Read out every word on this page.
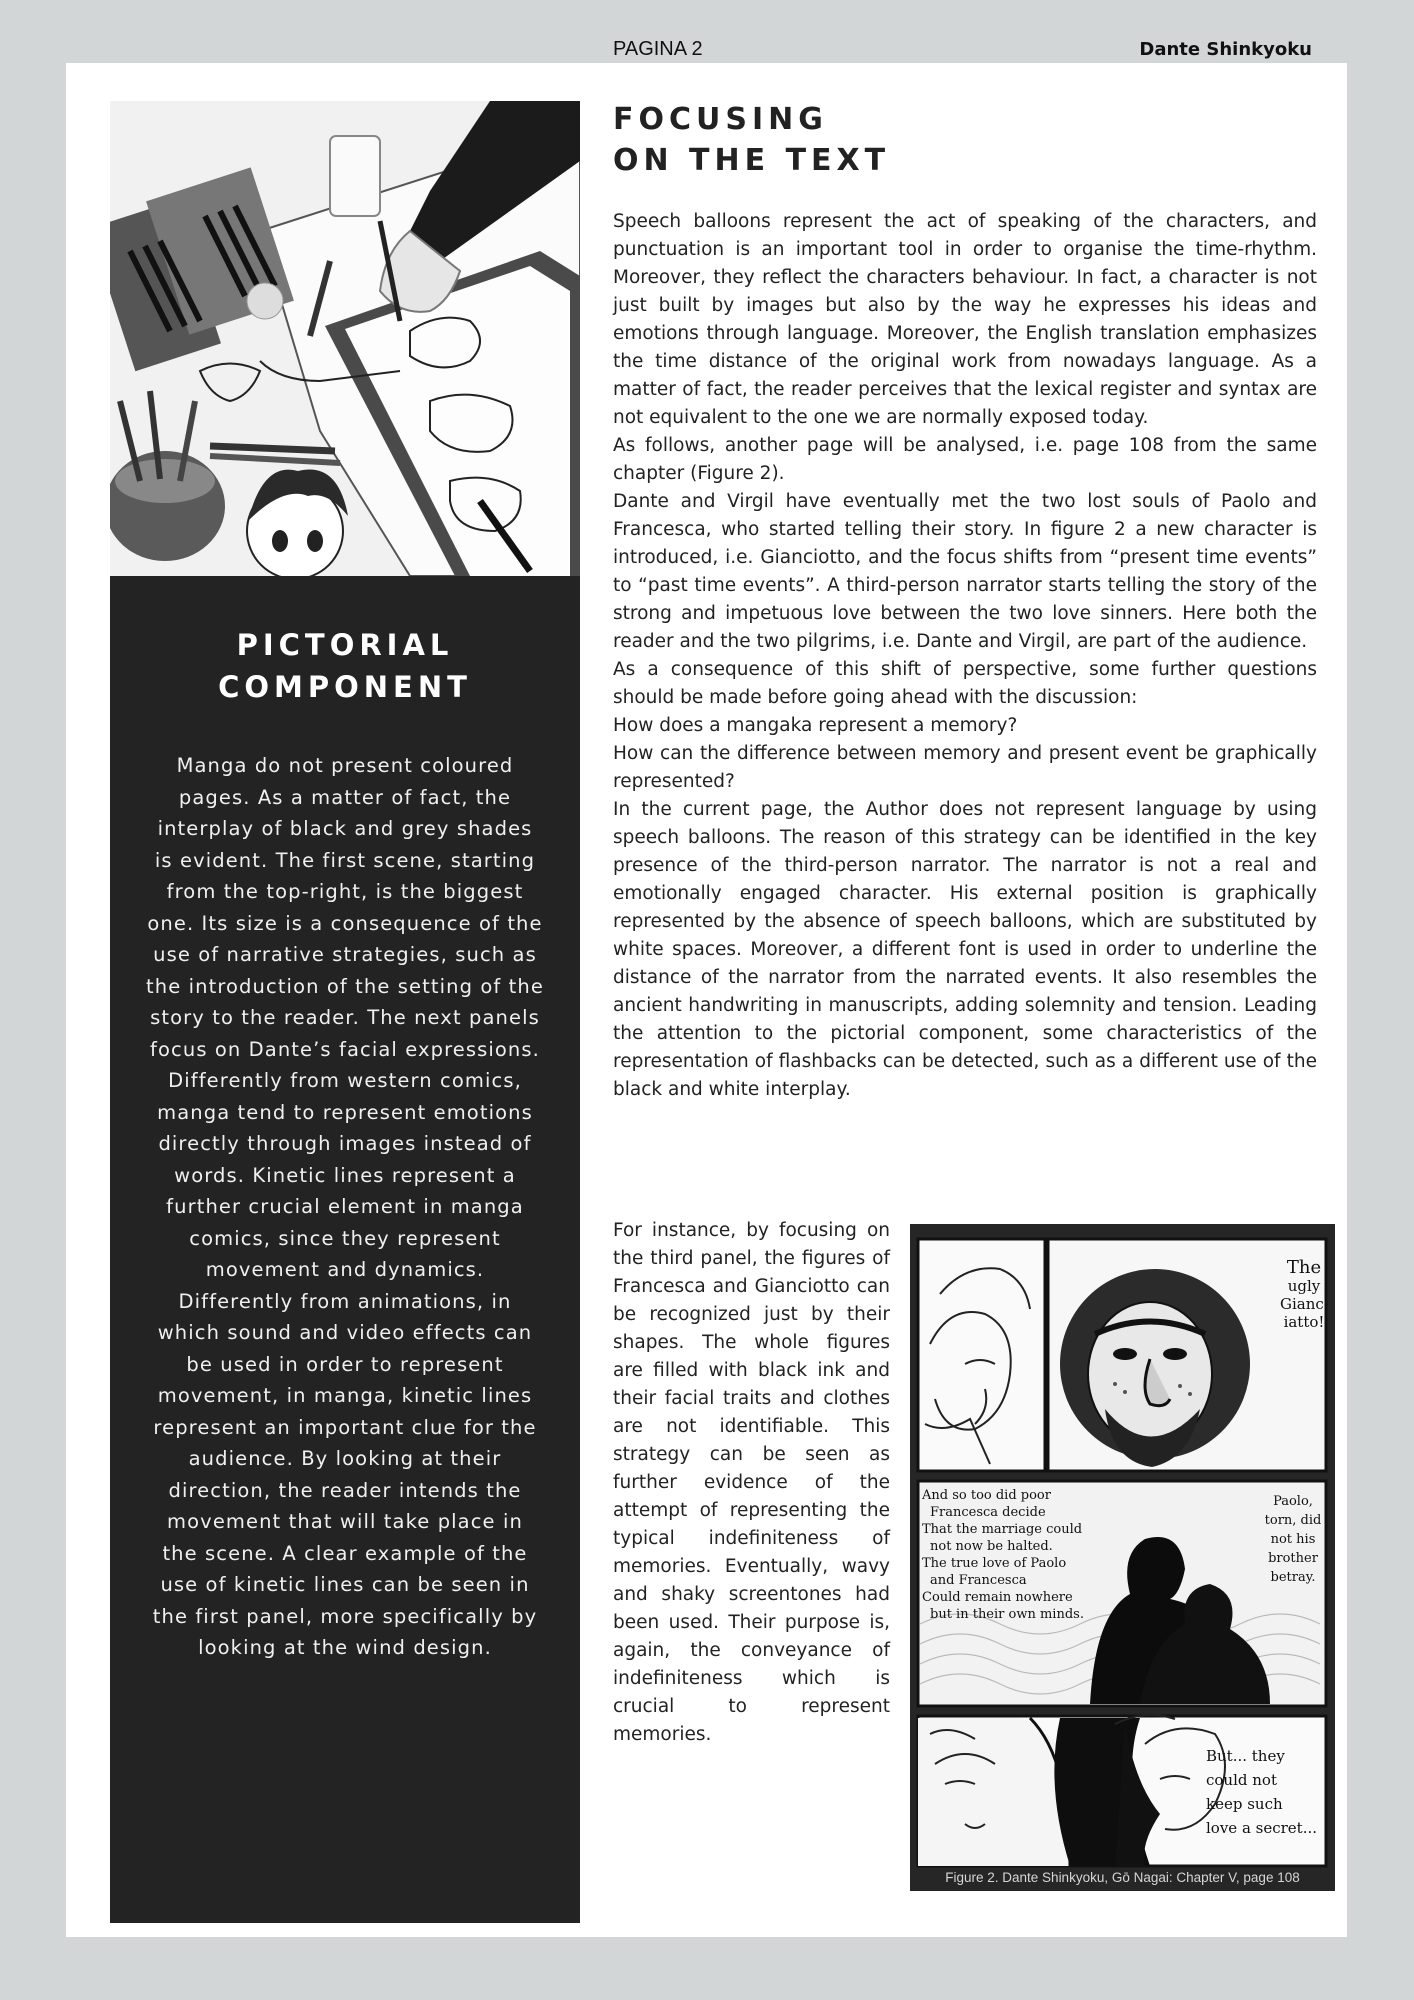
PAGINA 2	Dante Shinkyoku
PICTORIAL
COMPONENT
Manga do not present coloured pages. As a matter of fact, the interplay of black and grey shades is evident. The first scene, starting from the top-right, is the biggest one. Its size is a consequence of the use of narrative strategies, such as the introduction of the setting of the story to the reader. The next panels focus on Dante’s facial expressions. Differently from western comics, manga tend to represent emotions directly through images instead of words. Kinetic lines represent a further crucial element in manga comics, since they represent movement and dynamics. Differently from animations, in which sound and video effects can be used in order to represent movement, in manga, kinetic lines represent an important clue for the audience. By looking at their direction, the reader intends the movement that will take place in the scene. A clear example of the use of kinetic lines can be seen in the first panel, more specifically by looking at the wind design.
FOCUSING
ON THE TEXT

Speech balloons represent the act of speaking of the characters, and punctuation is an important tool in order to organise the time-rhythm. Moreover, they reflect the characters behaviour. In fact, a character is not just built by images but also by the way he expresses his ideas and emotions through language. Moreover, the English translation emphasizes the time distance of the original work from nowadays language. As a matter of fact, the reader perceives that the lexical register and syntax are not equivalent to the one we are normally exposed today.

As follows, another page will be analysed, i.e. page 108 from the same chapter (Figure 2).

Dante and Virgil have eventually met the two lost souls of Paolo and Francesca, who started telling their story. In figure 2 a new character is introduced, i.e. Gianciotto, and the focus shifts from “present time events” to “past time events”. A third-person narrator starts telling the story of the strong and impetuous love between the two love sinners. Here both the reader and the two pilgrims, i.e. Dante and Virgil, are part of the audience.

As a consequence of this shift of perspective, some further questions should be made before going ahead with the discussion:

How does a mangaka represent a memory?

How can the difference between memory and present event be graphically represented?

In the current page, the Author does not represent language by using speech balloons. The reason of this strategy can be identified in the key presence of the third-person narrator. The narrator is not a real and emotionally engaged character. His external position is graphically represented by the absence of speech balloons, which are substituted by white spaces. Moreover, a different font is used in order to underline the distance of the narrator from the narrated events. It also resembles the ancient handwriting in manuscripts, adding solemnity and tension. Leading the attention to the pictorial component, some characteristics of the representation of flashbacks can be detected, such as a different use of the black and white interplay.

For instance, by focusing on the third panel, the figures of Francesca and Gianciotto can be recognized just by their shapes. The whole figures are filled with black ink and their facial traits and clothes are not identifiable. This strategy can be seen as further evidence of the attempt of representing the typical indefiniteness of memories. Eventually, wavy and shaky screentones had been used. Their purpose is, again, the conveyance of indefiniteness which is crucial to represent memories.
The
ugly
Gianc-
iatto!
And so too did poor
Francesca decide
That the marriage could
not now be halted.
The true love of Paolo
and Francesca
Could remain nowhere
but in their own minds.
Paolo,
torn, did
not his
brother
betray.
But... they
could not
keep such
love a secret...
Figure 2. Dante Shinkyoku, Gō Nagai: Chapter V, page 108
